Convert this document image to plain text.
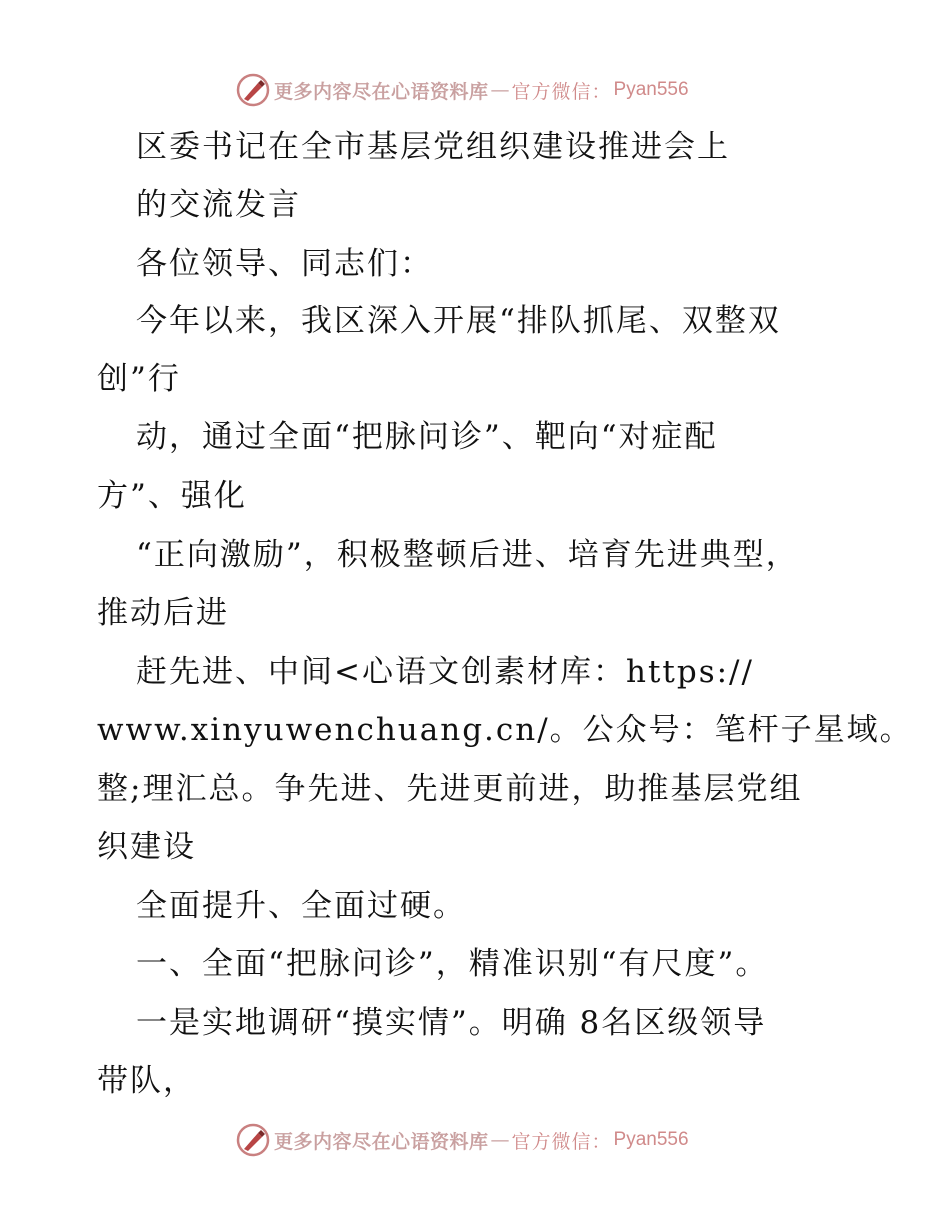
更多内容尽在心语资料库 — 官方微信： Pyan556
区委书记在全市基层党组织建设推进会上
的交流发言
各位领导、同志们：
今年以来，我区深入开展“排队抓尾、双整双
创”行
动，通过全面“把脉问诊”、靶向“对症配
方”、强化
“正向激励”，积极整顿后进、培育先进典型，
推动后进
赶先进、中间<心语文创素材库：https://
www.xinyuwenchuang.cn/。公众号：笔杆子星域。
整;理汇总。争先进、先进更前进，助推基层党组
织建设
全面提升、全面过硬。
一、全面“把脉问诊”，精准识别“有尺度”。
一是实地调研“摸实情”。明确 8名区级领导
带队，
更多内容尽在心语资料库 — 官方微信： Pyan556
